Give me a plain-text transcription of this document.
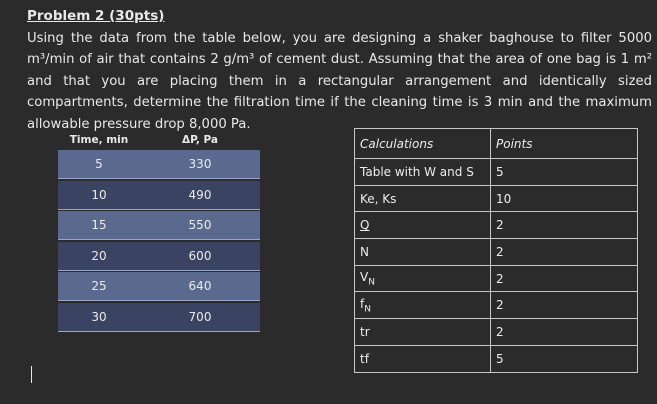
Problem 2 (30pts)
Using the data from the table below, you are designing a shaker baghouse to filter 5000 m³/min of air that contains 2 g/m³ of cement dust. Assuming that the area of one bag is 1 m² and that you are placing them in a rectangular arrangement and identically sized compartments, determine the filtration time if the cleaning time is 3 min and the maximum allowable pressure drop 8,000 Pa.
Time, min	ΔP, Pa
5	330
10	490
15	550
20	600
25	640
30	700
Calculations	Points
Table with W and S	5
Ke, Ks	10
Q	2
N	2
$V_N$	2
$f_N$	2
tr	2
tf	5
